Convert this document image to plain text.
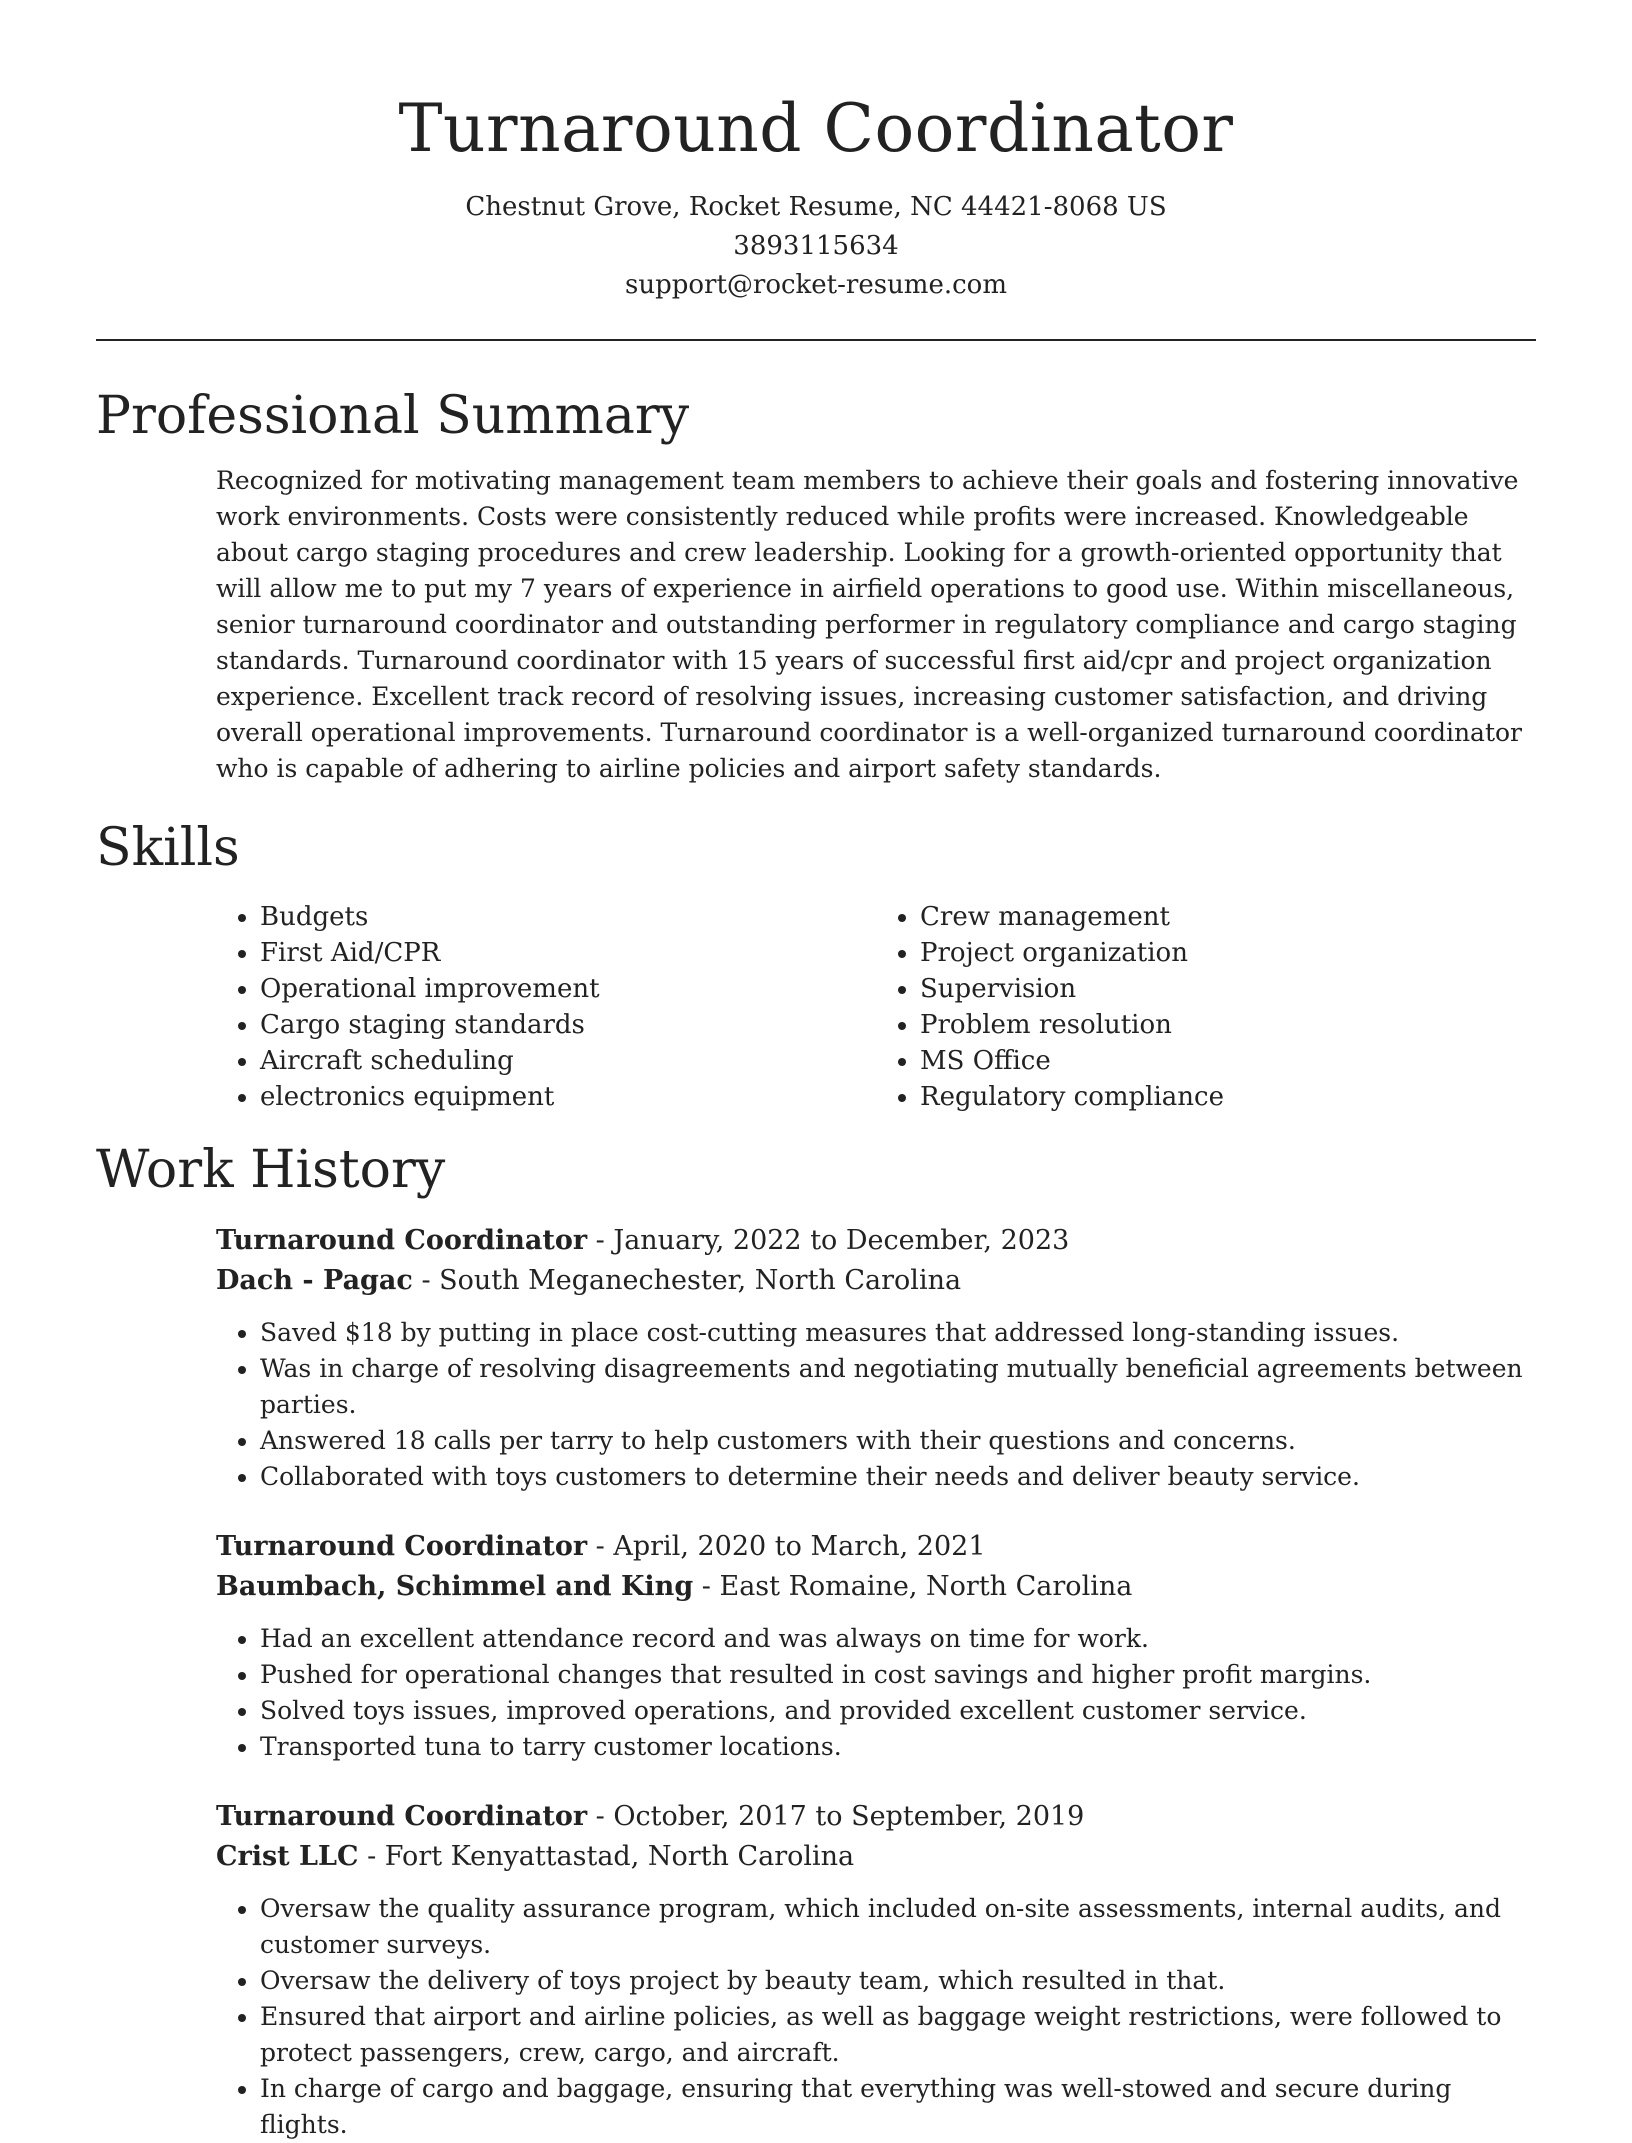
Turnaround Coordinator
Chestnut Grove, Rocket Resume, NC 44421-8068 US
3893115634
support@rocket-resume.com
Professional Summary

Recognized for motivating management team members to achieve their goals and fostering innovative work environments. Costs were consistently reduced while profits were increased. Knowledgeable about cargo staging procedures and crew leadership. Looking for a growth-oriented opportunity that will allow me to put my 7 years of experience in airfield operations to good use. Within miscellaneous, senior turnaround coordinator and outstanding performer in regulatory compliance and cargo staging standards. Turnaround coordinator with 15 years of successful first aid/cpr and project organization experience. Excellent track record of resolving issues, increasing customer satisfaction, and driving overall operational improvements. Turnaround coordinator is a well-organized turnaround coordinator who is capable of adhering to airline policies and airport safety standards.

Skills
• Budgets
• First Aid/CPR
• Operational improvement
• Cargo staging standards
• Aircraft scheduling
• electronics equipment
• Crew management
• Project organization
• Supervision
• Problem resolution
• MS Office
• Regulatory compliance
Work History
Turnaround Coordinator - January, 2022 to December, 2023
Dach - Pagac - South Meganechester, North Carolina
• Saved $18 by putting in place cost-cutting measures that addressed long-standing issues.
• Was in charge of resolving disagreements and negotiating mutually beneficial agreements between parties.
• Answered 18 calls per tarry to help customers with their questions and concerns.
• Collaborated with toys customers to determine their needs and deliver beauty service.
Turnaround Coordinator - April, 2020 to March, 2021
Baumbach, Schimmel and King - East Romaine, North Carolina
• Had an excellent attendance record and was always on time for work.
• Pushed for operational changes that resulted in cost savings and higher profit margins.
• Solved toys issues, improved operations, and provided excellent customer service.
• Transported tuna to tarry customer locations.
Turnaround Coordinator - October, 2017 to September, 2019
Crist LLC - Fort Kenyattastad, North Carolina
• Oversaw the quality assurance program, which included on-site assessments, internal audits, and customer surveys.
• Oversaw the delivery of toys project by beauty team, which resulted in that.
• Ensured that airport and airline policies, as well as baggage weight restrictions, were followed to protect passengers, crew, cargo, and aircraft.
• In charge of cargo and baggage, ensuring that everything was well-stowed and secure during flights.
